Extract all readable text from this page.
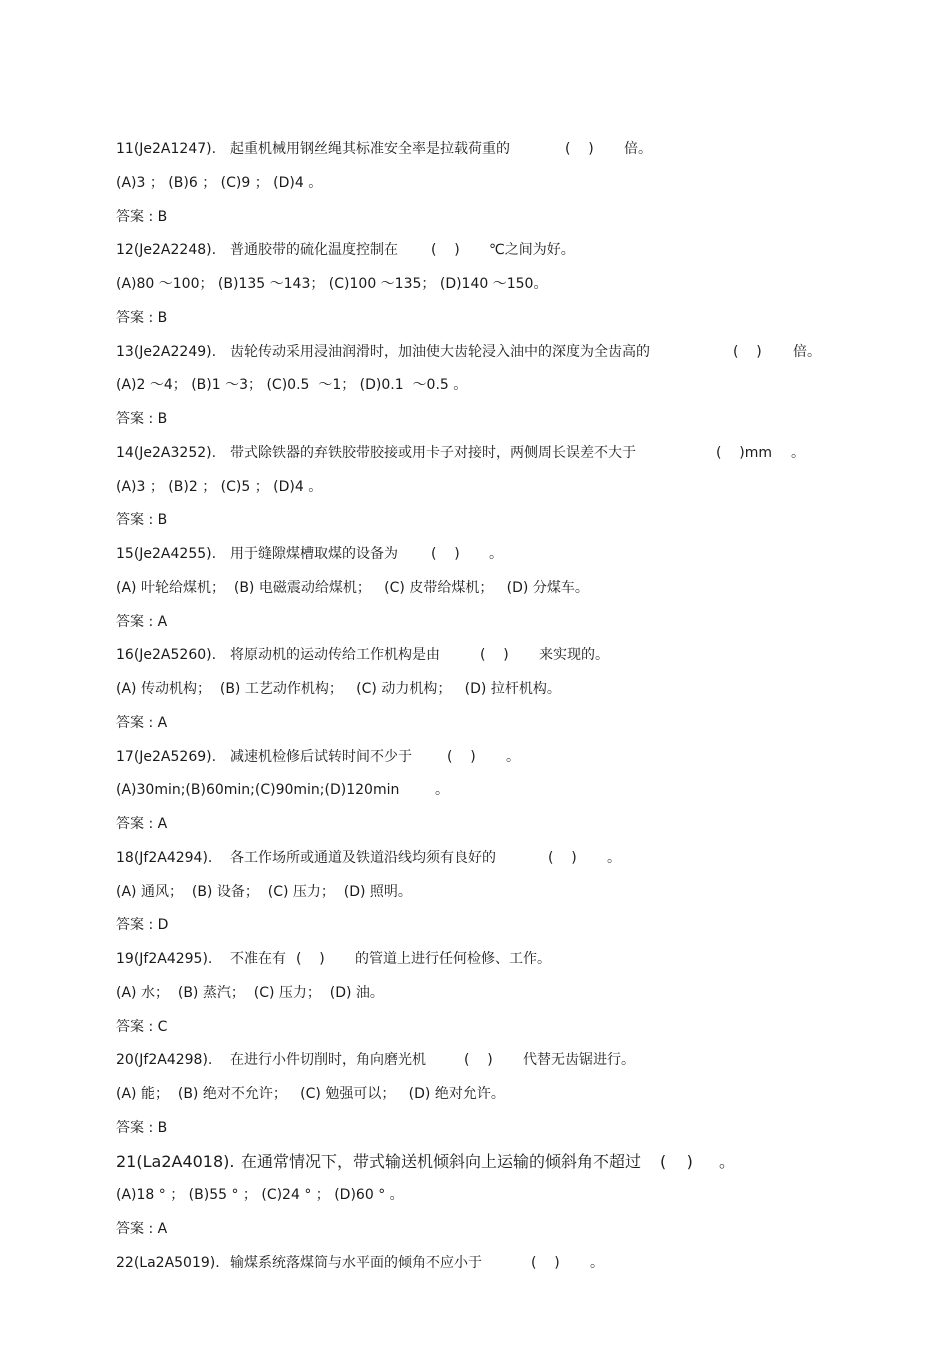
11(Je2A1247). 起重机械用钢丝绳其标准安全率是拉载荷重的	(    ) 倍。
(A)3 ； (B)6 ； (C)9 ； (D)4 。
答案 : B
12(Je2A2248). 普通胶带的硫化温度控制在 (    ) ℃之间为好。
(A)80 ～100； (B)135 ～143； (C)100 ～135； (D)140 ～150。
答案 : B
13(Je2A2249). 齿轮传动采用浸油润滑时，加油使大齿轮浸入油中的深度为全齿高的	(    ) 倍。
(A)2 ～4； (B)1 ～3； (C)0.5  ～1； (D)0.1  ～0.5 。
答案 : B
14(Je2A3252). 带式除铁器的弃铁胶带胶接或用卡子对接时，两侧周长误差不大于	(    )mm 。
(A)3 ； (B)2 ； (C)5 ； (D)4 。
答案 : B
15(Je2A4255). 用于缝隙煤槽取煤的设备为 (    ) 。
(A) 叶轮给煤机；  (B) 电磁震动给煤机；   (C) 皮带给煤机；   (D) 分煤车。
答案 : A
16(Je2A5260). 将原动机的运动传给工作机构是由	(    ) 来实现的。
(A) 传动机构；  (B) 工艺动作机构；   (C) 动力机构；   (D) 拉杆机构。
答案 : A
17(Je2A5269). 减速机检修后试转时间不少于	(    ) 。
(A)30min;(B)60min;(C)90min;(D)120min        。
答案 : A
18(Jf2A4294). 各工作场所或通道及铁道沿线均须有良好的	(    ) 。
(A) 通风；  (B) 设备；  (C) 压力；  (D) 照明。
答案 : D
19(Jf2A4295). 不准在有 (    ) 的管道上进行任何检修、工作。
(A) 水；  (B) 蒸汽；  (C) 压力；  (D) 油。
答案 : C
20(Jf2A4298). 在进行小件切削时，角向磨光机	(    ) 代替无齿锯进行。
(A) 能；  (B) 绝对不允许；   (C) 勉强可以；   (D) 绝对允许。
答案 : B
21(La2A4018). 在通常情况下，带式输送机倾斜向上运输的倾斜角不超过 (    ) 。
(A)18 ° ； (B)55 ° ； (C)24 ° ； (D)60 ° 。
答案 : A
22(La2A5019). 输煤系统落煤筒与水平面的倾角不应小于	(    ) 。
